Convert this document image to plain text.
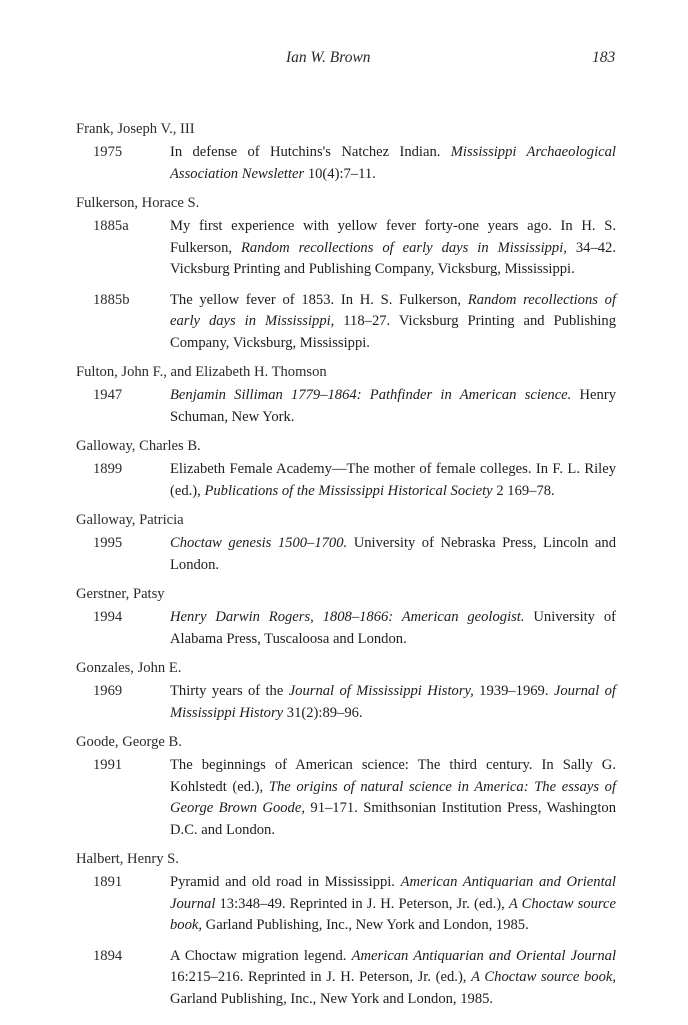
Ian W. Brown	183
Frank, Joseph V., III
1975	In defense of Hutchins's Natchez Indian. Mississippi Archaeological Association Newsletter 10(4):7–11.
Fulkerson, Horace S.
1885a	My first experience with yellow fever forty-one years ago. In H. S. Fulkerson, Random recollections of early days in Mississippi, 34–42. Vicksburg Printing and Publishing Company, Vicksburg, Mississippi.
1885b	The yellow fever of 1853. In H. S. Fulkerson, Random recollections of early days in Mississippi, 118–27. Vicksburg Printing and Publishing Company, Vicksburg, Mississippi.
Fulton, John F., and Elizabeth H. Thomson
1947	Benjamin Silliman 1779–1864: Pathfinder in American science. Henry Schuman, New York.
Galloway, Charles B.
1899	Elizabeth Female Academy—The mother of female colleges. In F. L. Riley (ed.), Publications of the Mississippi Historical Society 2 169–78.
Galloway, Patricia
1995	Choctaw genesis 1500–1700. University of Nebraska Press, Lincoln and London.
Gerstner, Patsy
1994	Henry Darwin Rogers, 1808–1866: American geologist. University of Alabama Press, Tuscaloosa and London.
Gonzales, John E.
1969	Thirty years of the Journal of Mississippi History, 1939–1969. Journal of Mississippi History 31(2):89–96.
Goode, George B.
1991	The beginnings of American science: The third century. In Sally G. Kohlstedt (ed.), The origins of natural science in America: The essays of George Brown Goode, 91–171. Smithsonian Institution Press, Washington D.C. and London.
Halbert, Henry S.
1891	Pyramid and old road in Mississippi. American Antiquarian and Oriental Journal 13:348–49. Reprinted in J. H. Peterson, Jr. (ed.), A Choctaw source book, Garland Publishing, Inc., New York and London, 1985.
1894	A Choctaw migration legend. American Antiquarian and Oriental Journal 16:215–216. Reprinted in J. H. Peterson, Jr. (ed.), A Choctaw source book, Garland Publishing, Inc., New York and London, 1985.
